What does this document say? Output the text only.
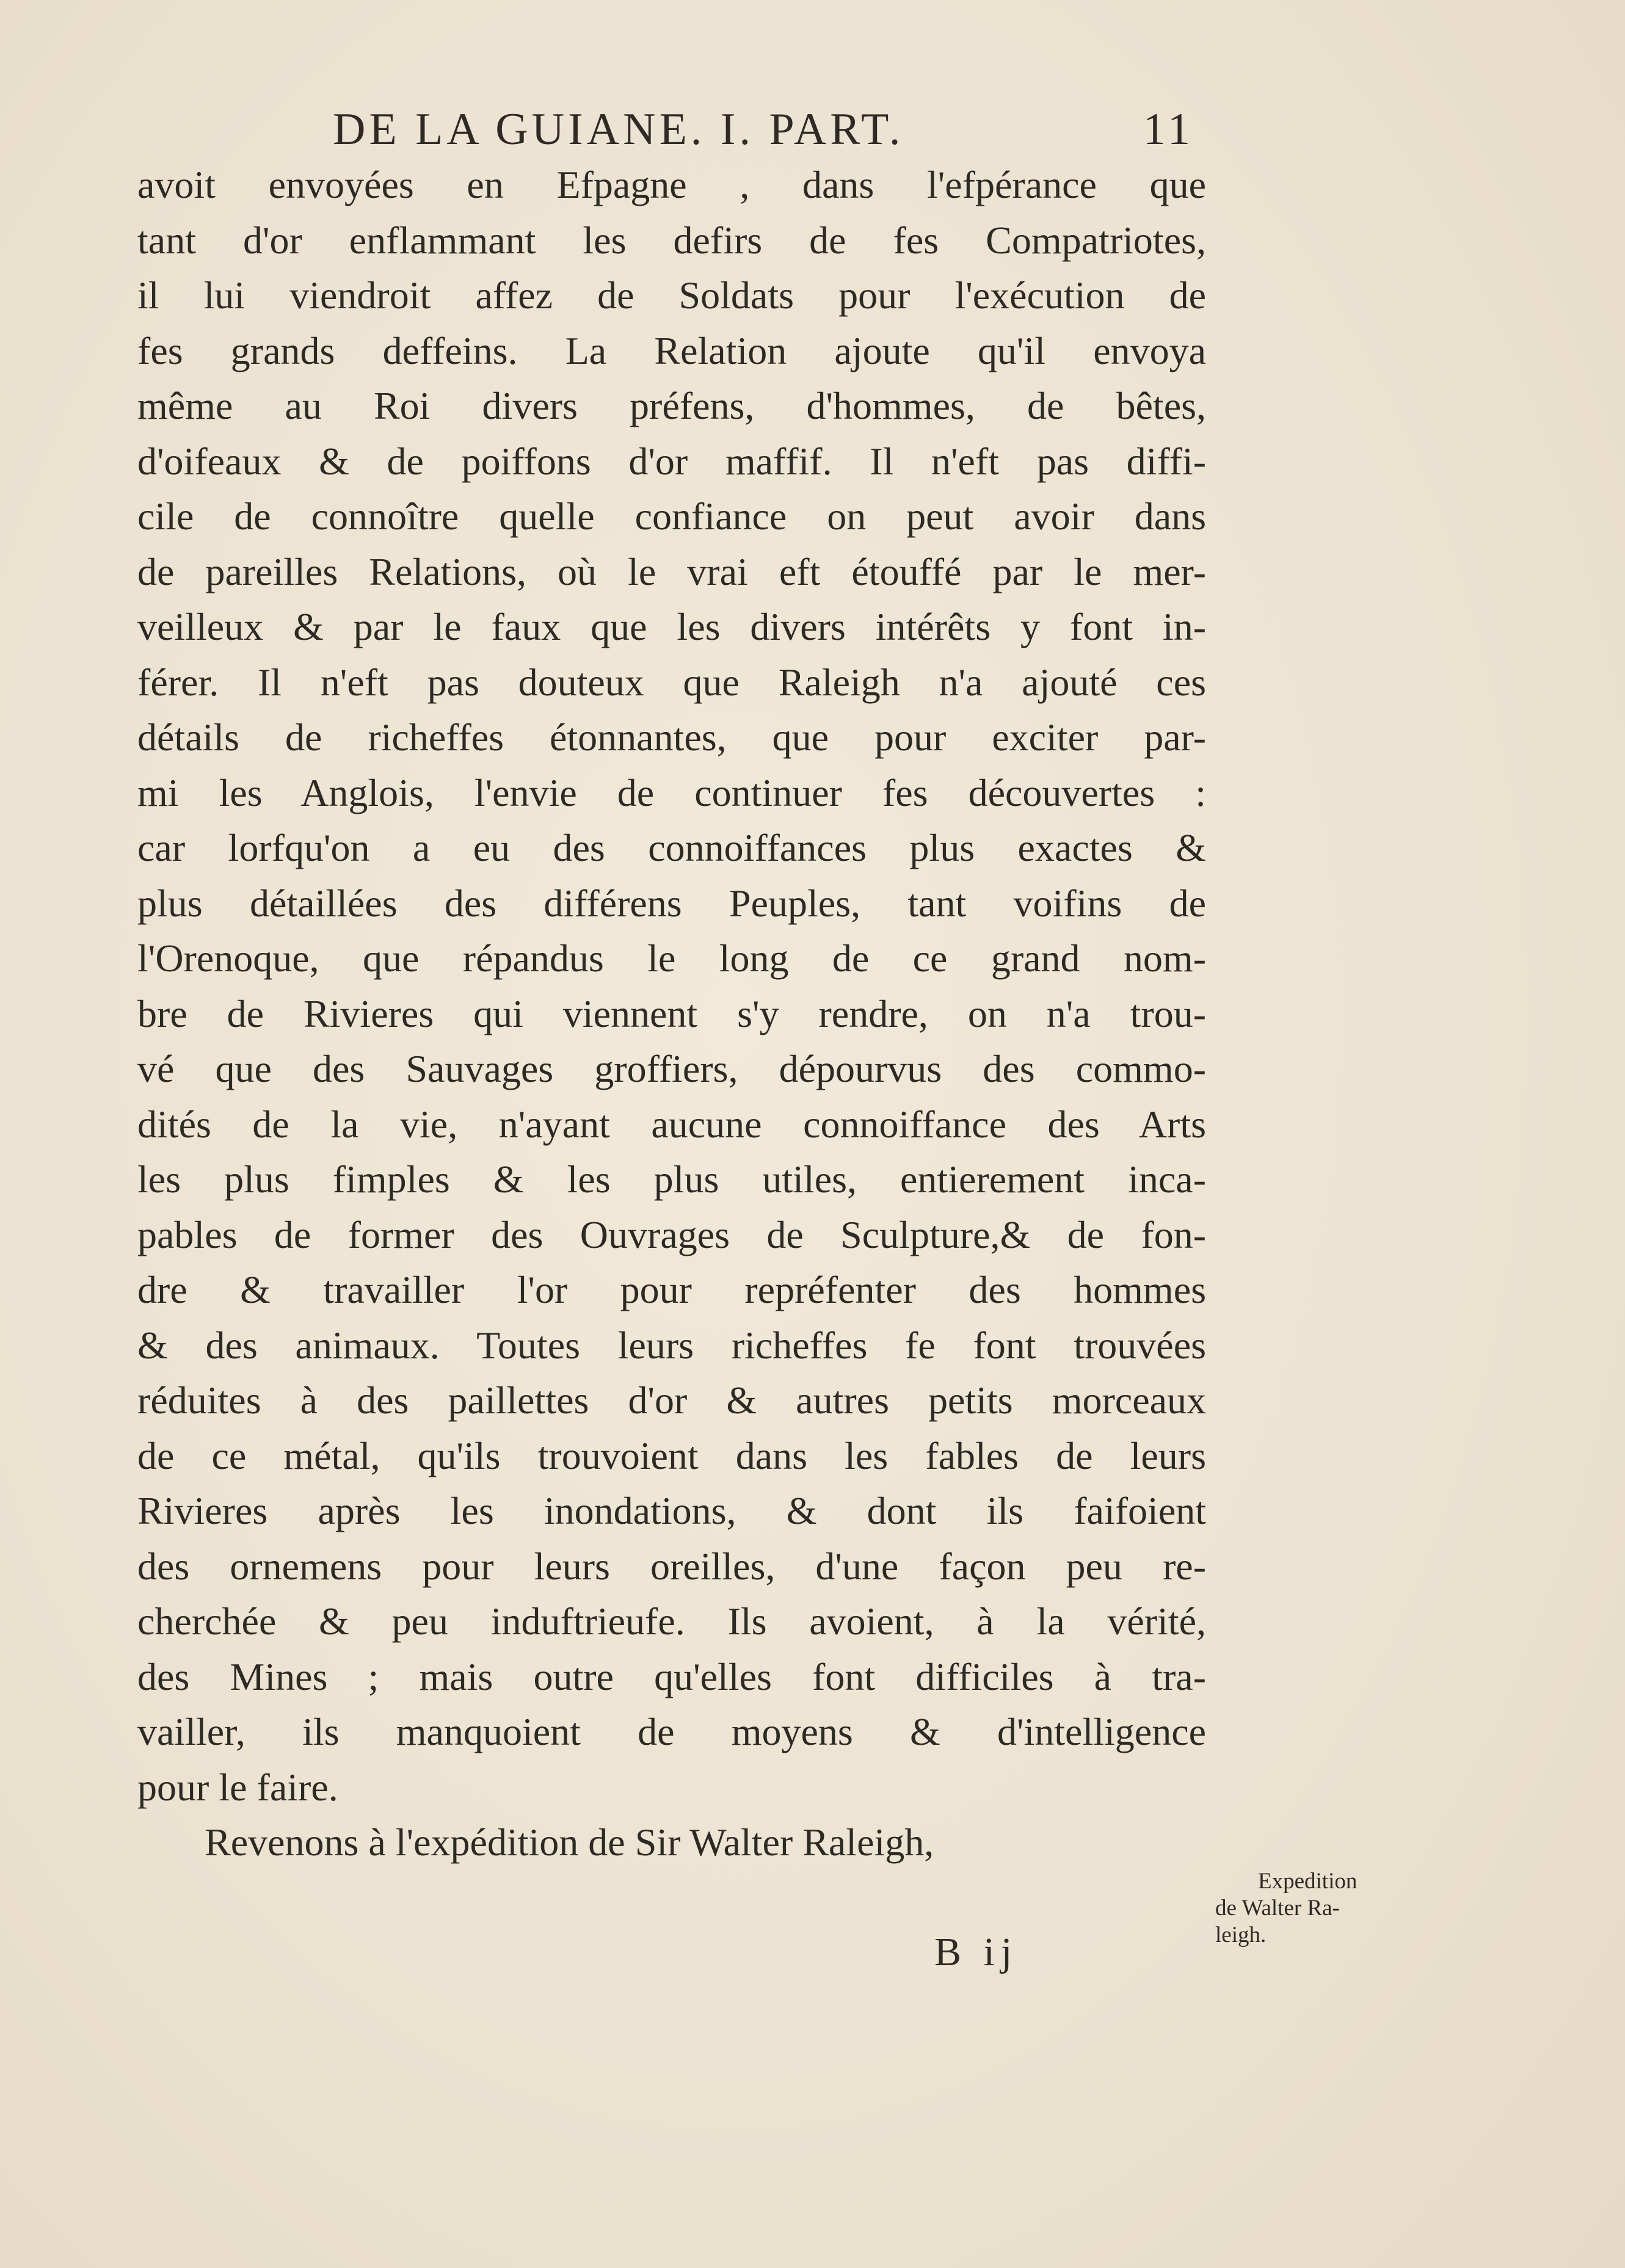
DE LA GUIANE. I. PART.	11
avoit envoyées en Efpagne , dans l'efpérance que
tant d'or enflammant les defirs de fes Compatriotes,
il lui viendroit affez de Soldats pour l'exécution de
fes grands deffeins. La Relation ajoute qu'il envoya
même au Roi divers préfens, d'hommes, de bêtes,
d'oifeaux & de poiffons d'or maffif. Il n'eft pas diffi-
cile de connoître quelle confiance on peut avoir dans
de pareilles Relations, où le vrai eft étouffé par le mer-
veilleux & par le faux que les divers intérêts y font in-
férer. Il n'eft pas douteux que Raleigh n'a ajouté ces
détails de richeffes étonnantes, que pour exciter par-
mi les Anglois, l'envie de continuer fes découvertes :
car lorfqu'on a eu des connoiffances plus exactes &
plus détaillées des différens Peuples, tant voifins de
l'Orenoque, que répandus le long de ce grand nom-
bre de Rivieres qui viennent s'y rendre, on n'a trou-
vé que des Sauvages groffiers, dépourvus des commo-
dités de la vie, n'ayant aucune connoiffance des Arts
les plus fimples & les plus utiles, entierement inca-
pables de former des Ouvrages de Sculpture,& de fon-
dre & travailler l'or pour repréfenter des hommes
& des animaux. Toutes leurs richeffes fe font trouvées
réduites à des paillettes d'or & autres petits morceaux
de ce métal, qu'ils trouvoient dans les fables de leurs
Rivieres après les inondations, & dont ils faifoient
des ornemens pour leurs oreilles, d'une façon peu re-
cherchée & peu induftrieufe. Ils avoient, à la vérité,
des Mines ; mais outre qu'elles font difficiles à tra-
vailler, ils manquoient de moyens & d'intelligence
pour le faire.
Revenons à l'expédition de Sir Walter Raleigh,
B ij
Expedition
de Walter Ra-
leigh.
